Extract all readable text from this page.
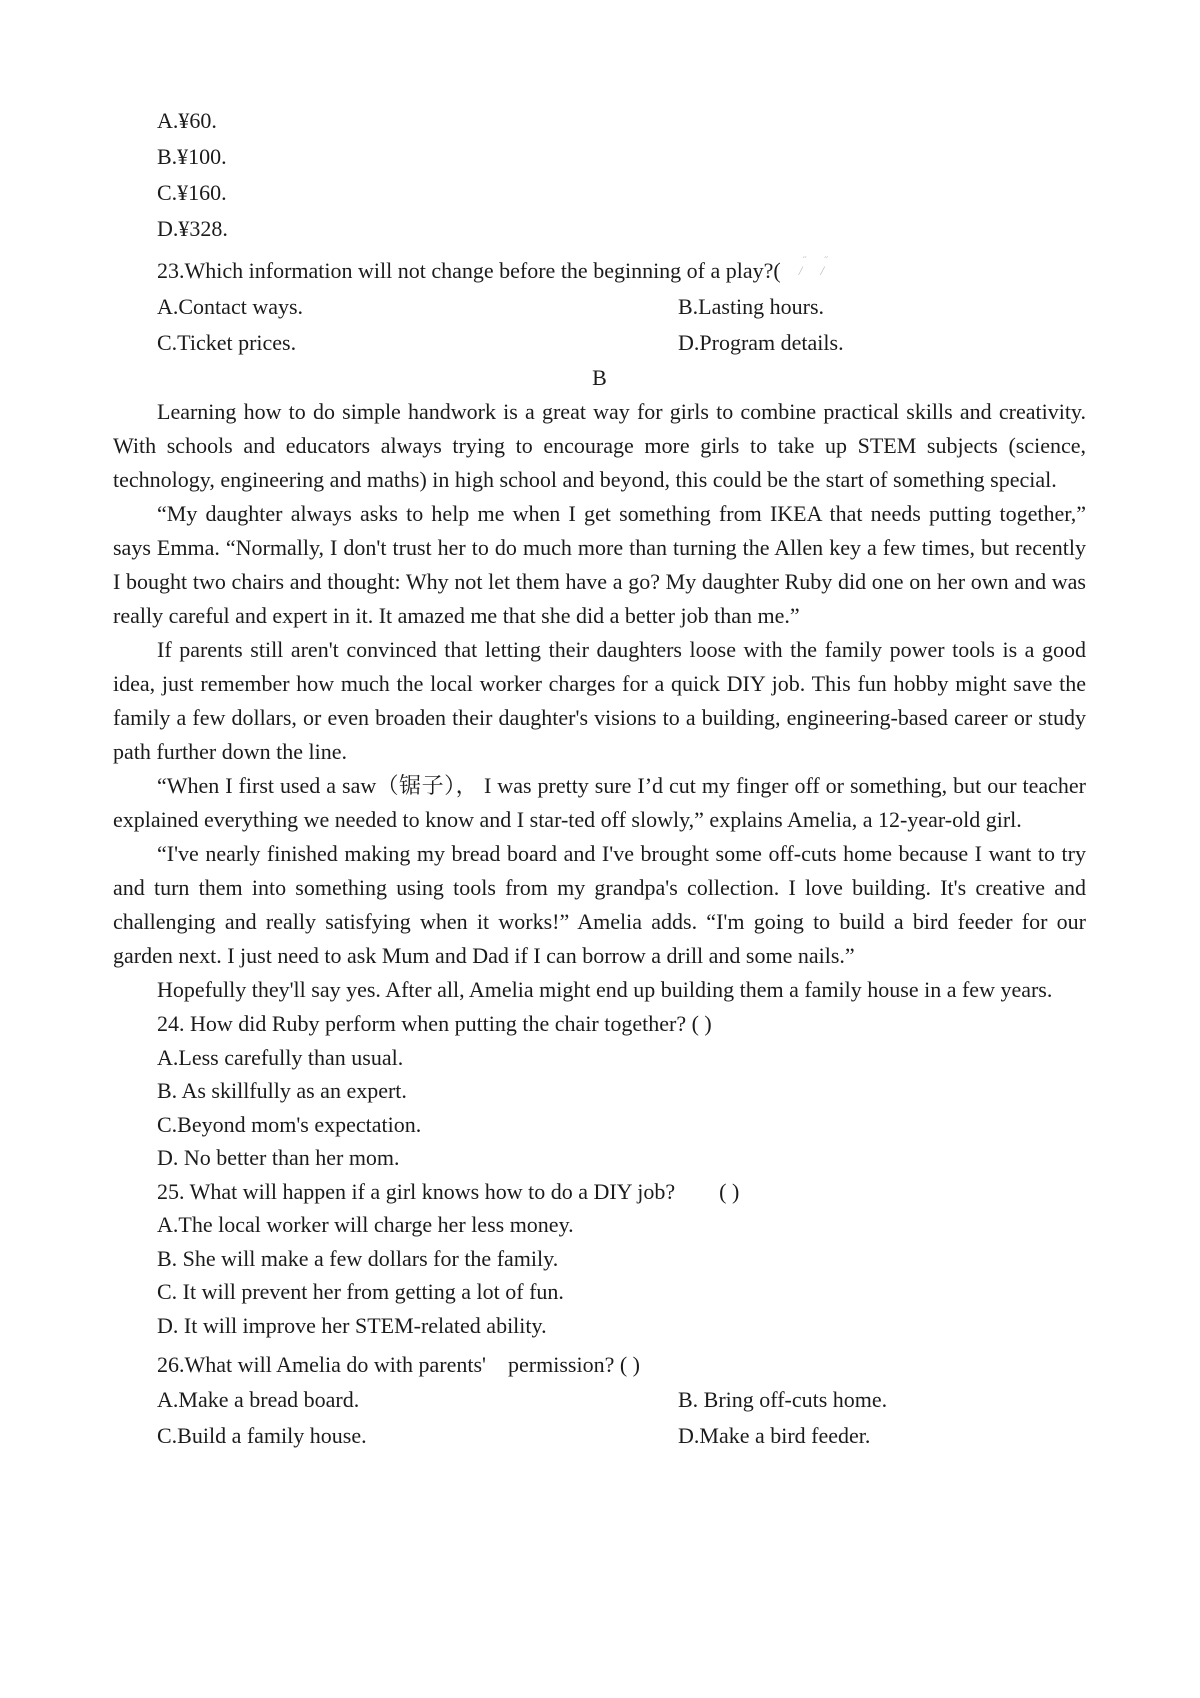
A.¥60.
B.¥100.
C.¥160.
D.¥328.
23.Which information will not change before the beginning of a play?( ˝
/
˝
/
A.Contact ways.	B.Lasting hours.
C.Ticket prices.	D.Program details.
B

Learning how to do simple handwork is a great way for girls to combine practical skills and creativity. With schools and educators always trying to encourage more girls to take up STEM subjects (science, technology, engineering and maths) in high school and beyond, this could be the start of something special.

“My daughter always asks to help me when I get something from IKEA that needs putting together,” says Emma. “Normally, I don't trust her to do much more than turning the Allen key a few times, but recently I bought two chairs and thought: Why not let them have a go? My daughter Ruby did one on her own and was really careful and expert in it. It amazed me that she did a better job than me.”

If parents still aren't convinced that letting their daughters loose with the family power tools is a good idea, just remember how much the local worker charges for a quick DIY job. This fun hobby might save the family a few dollars, or even broaden their daughter's visions to a building, engineering-based career or study path further down the line.

“When I first used a saw（锯子）， I was pretty sure I’d cut my finger off or something, but our teacher explained everything we needed to know and I star-ted off slowly,” explains Amelia, a 12-year-old girl.

“I've nearly finished making my bread board and I've brought some off-cuts home because I want to try and turn them into something using tools from my grandpa's collection. I love building. It's creative and challenging and really satisfying when it works!” Amelia adds. “I'm going to build a bird feeder for our garden next. I just need to ask Mum and Dad if I can borrow a drill and some nails.”

Hopefully they'll say yes. After all, Amelia might end up building them a family house in a few years.

24. How did Ruby perform when putting the chair together? ( )
A.Less carefully than usual.
B. As skillfully as an expert.
C.Beyond mom's expectation.
D. No better than her mom.
25. What will happen if a girl knows how to do a DIY job?        ( )
A.The local worker will charge her less money.
B. She will make a few dollars for the family.
C. It will prevent her from getting a lot of fun.
D. It will improve her STEM-related ability.
26.What will Amelia do with parents'    permission? ( )
A.Make a bread board.	B. Bring off-cuts home.
C.Build a family house.	D.Make a bird feeder.
